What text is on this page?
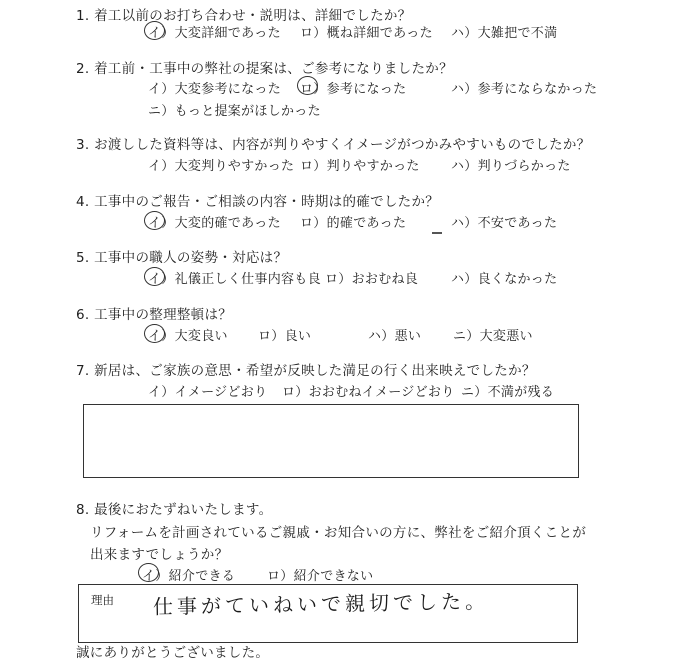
1. 着工以前のお打ち合わせ・説明は、詳細でしたか？
イ）大変詳細であった ロ）概ね詳細であった ハ）大雑把で不満
2. 着工前・工事中の弊社の提案は、ご参考になりましたか？
イ）大変参考になった ロ）参考になった	ハ）参考にならなかった
ニ）もっと提案がほしかった
3. お渡しした資料等は、内容が判りやすくイメージがつかみやすいものでしたか？
イ）大変判りやすかった ロ）判りやすかった ハ）判りづらかった
4. 工事中のご報告・ご相談の内容・時期は的確でしたか？
イ）大変的確であった ロ）的確であった	ハ）不安であった
5. 工事中の職人の姿勢・対応は？
イ）礼儀正しく仕事内容も良 ロ）おおむね良	ハ）良くなかった
6. 工事中の整理整頓は？
イ）大変良い ロ）良い	ハ）悪い ニ）大変悪い
7. 新居は、ご家族の意思・希望が反映した満足の行く出来映えでしたか？
イ）イメージどおり ロ）おおむねイメージどおり ニ）不満が残る
8. 最後におたずねいたします。
リフォームを計画されているご親戚・お知合いの方に、弊社をご紹介頂くことが
出来ますでしょうか？
イ）紹介できる ロ）紹介できない
理由 仕事がていねいで親切でした。
誠にありがとうございました。
